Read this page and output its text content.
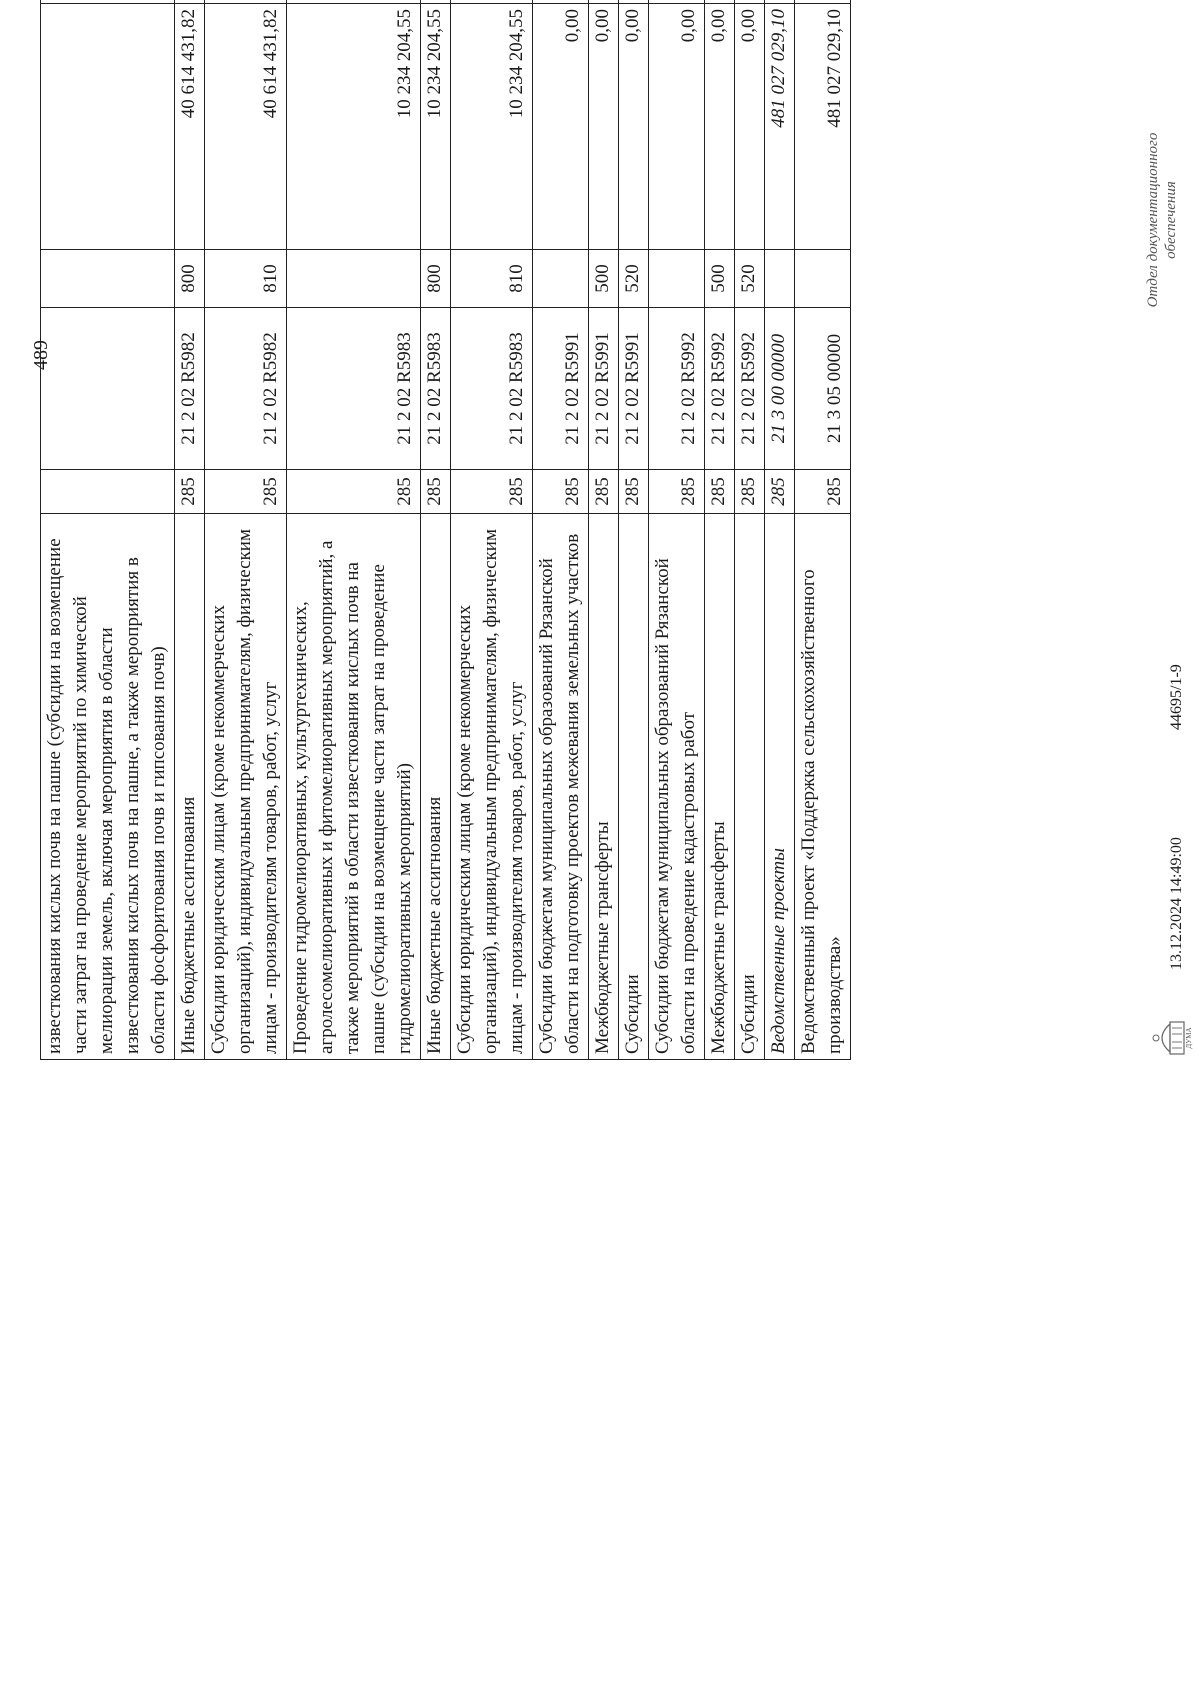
489
известкования кислых почв на пашне (субсидии на возмещение части затрат на проведение мероприятий по химической мелиорации земель, включая мероприятия в области известкования кислых почв на пашне, а также мероприятия в области фосфоритования почв и гипсования почв)						
Иные бюджетные ассигнования	285	21 2 02 R5982	800	40 614 431,82		
Субсидии юридическим лицам (кроме некоммерческих организаций), индивидуальным предпринимателям, физическим лицам - производителям товаров, работ, услуг	285	21 2 02 R5982	810	40 614 431,82		
Проведение гидромелиоративных, культуртехнических, агролесомелиоративных и фитомелиоративных мероприятий, а также мероприятий в области известкования кислых почв на пашне (субсидии на возмещение части затрат на проведение гидромелиоративных мероприятий)	285	21 2 02 R5983		10 234 204,55		
Иные бюджетные ассигнования	285	21 2 02 R5983	800	10 234 204,55		
Субсидии юридическим лицам (кроме некоммерческих организаций), индивидуальным предпринимателям, физическим лицам - производителям товаров, работ, услуг	285	21 2 02 R5983	810	10 234 204,55		
Субсидии бюджетам муниципальных образований Рязанской области на подготовку проектов межевания земельных участков	285	21 2 02 R5991		0,00		
Межбюджетные трансферты	285	21 2 02 R5991	500	0,00		
Субсидии	285	21 2 02 R5991	520	0,00		
Субсидии бюджетам муниципальных образований Рязанской области на проведение кадастровых работ	285	21 2 02 R5992		0,00		
Межбюджетные трансферты	285	21 2 02 R5992	500	0,00		
Субсидии	285	21 2 02 R5992	520	0,00		
Ведомственные проекты	285	21 3 00 00000		481 027 029,10		
Ведомственный проект «Поддержка сельскохозяйственного производства»	285	21 3 05 00000		481 027 029,10		
ДУМА
13.12.2024 14:49:00
44695/1-9
Отдел документационного обеспечения
